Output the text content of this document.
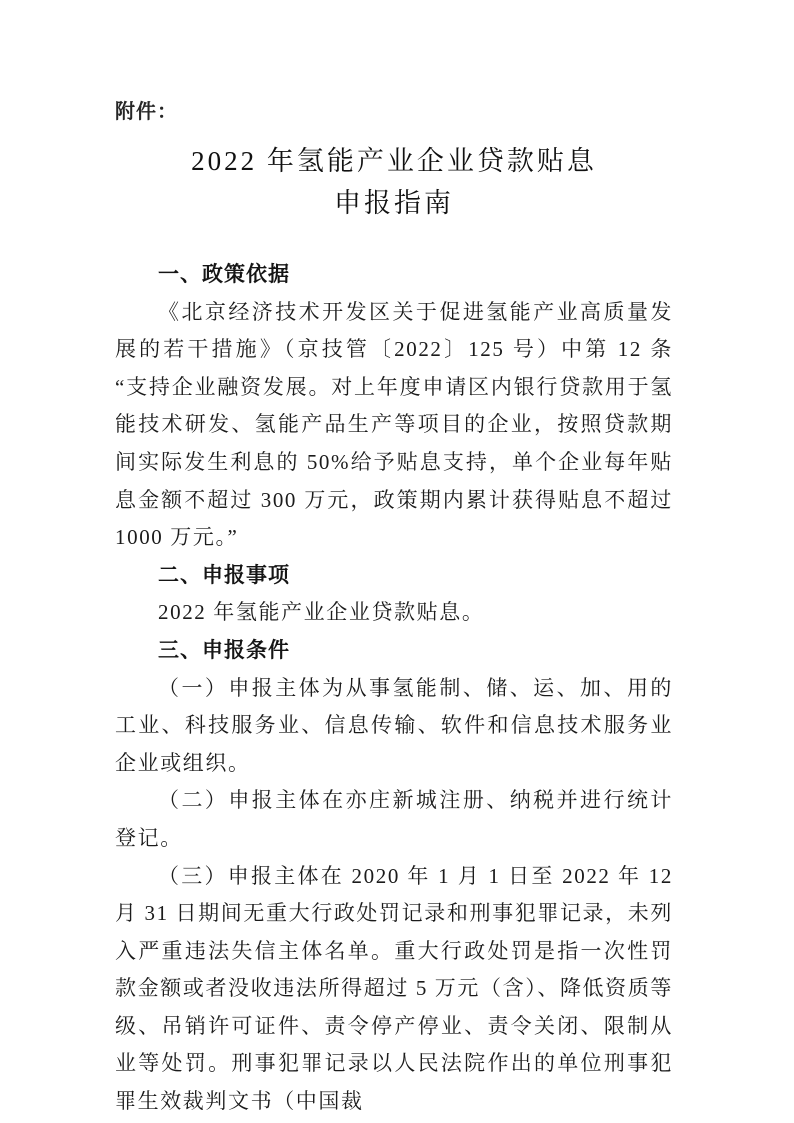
附件：
2022 年氢能产业企业贷款贴息
申报指南
一、政策依据

《北京经济技术开发区关于促进氢能产业高质量发展的若干措施》（京技管〔2022〕125 号）中第 12 条“支持企业融资发展。对上年度申请区内银行贷款用于氢能技术研发、氢能产品生产等项目的企业，按照贷款期间实际发生利息的 50%给予贴息支持，单个企业每年贴息金额不超过 300 万元，政策期内累计获得贴息不超过 1000 万元。”

二、申报事项

2022 年氢能产业企业贷款贴息。

三、申报条件

（一）申报主体为从事氢能制、储、运、加、用的工业、科技服务业、信息传输、软件和信息技术服务业企业或组织。

（二）申报主体在亦庄新城注册、纳税并进行统计登记。

（三）申报主体在 2020 年 1 月 1 日至 2022 年 12 月 31 日期间无重大行政处罚记录和刑事犯罪记录，未列入严重违法失信主体名单。重大行政处罚是指一次性罚款金额或者没收违法所得超过 5 万元（含）、降低资质等级、吊销许可证件、责令停产停业、责令关闭、限制从业等处罚。刑事犯罪记录以人民法院作出的单位刑事犯罪生效裁判文书（中国裁
